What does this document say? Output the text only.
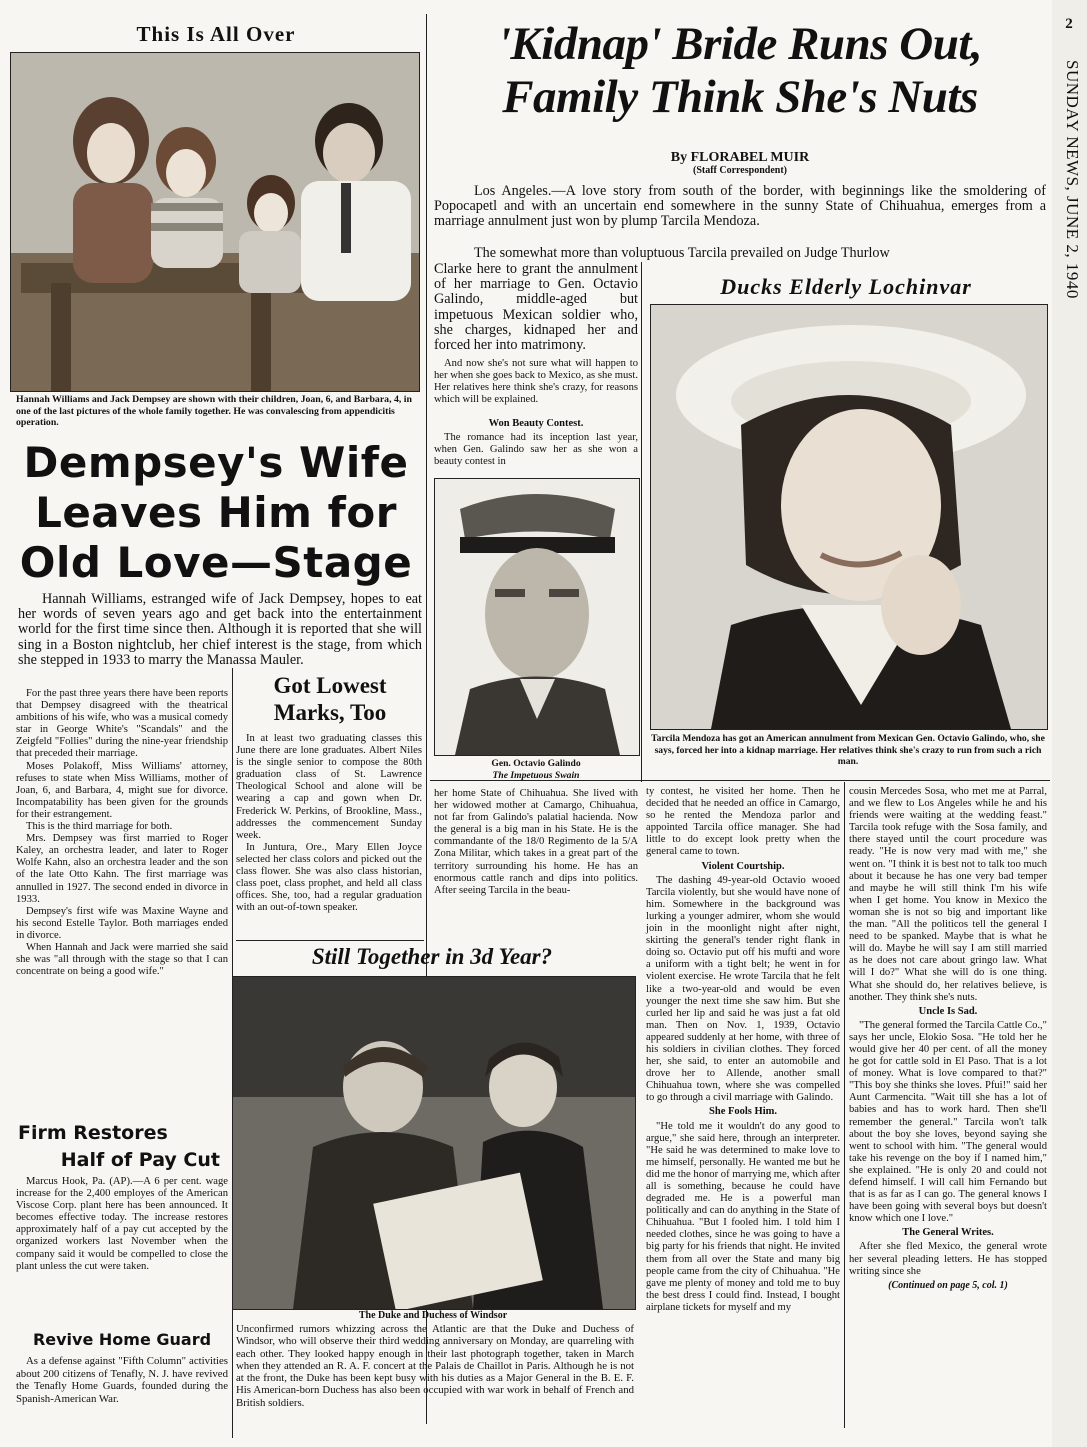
2
SUNDAY NEWS, JUNE 2, 1940
This Is All Over
Hannah Williams and Jack Dempsey are shown with their children, Joan, 6, and Barbara, 4, in one of the last pictures of the whole family together. He was convalescing from appendicitis operation.
Dempsey's Wife
Leaves Him for
Old Love—Stage
Hannah Williams, estranged wife of Jack Dempsey, hopes to eat her words of seven years ago and get back into the entertainment world for the first time since then. Although it is reported that she will sing in a Boston nightclub, her chief interest is the stage, from which she stepped in 1933 to marry the Manassa Mauler.

For the past three years there have been reports that Dempsey disagreed with the theatrical ambitions of his wife, who was a musical comedy star in George White's "Scandals" and the Zeigfeld "Follies" during the nine-year friendship that preceded their marriage.

Moses Polakoff, Miss Williams' attorney, refuses to state when Miss Williams, mother of Joan, 6, and Barbara, 4, might sue for divorce. Incompatability has been given for the grounds for their estrangement.

This is the third marriage for both.

Mrs. Dempsey was first married to Roger Kaley, an orchestra leader, and later to Roger Wolfe Kahn, also an orchestra leader and the son of the late Otto Kahn. The first marriage was annulled in 1927. The second ended in divorce in 1933.

Dempsey's first wife was Maxine Wayne and his second Estelle Taylor. Both marriages ended in divorce.

When Hannah and Jack were married she said she was "all through with the stage so that I can concentrate on being a good wife."

Firm Restores
Half of Pay Cut
Marcus Hook, Pa. (AP).—A 6 per cent. wage increase for the 2,400 employes of the American Viscose Corp. plant here has been announced. It becomes effective today. The increase restores approximately half of a pay cut accepted by the organized workers last November when the company said it would be compelled to close the plant unless the cut were taken.
Revive Home Guard
As a defense against "Fifth Column" activities about 200 citizens of Tenafly, N. J. have revived the Tenafly Home Guards, founded during the Spanish-American War.
Got Lowest
Marks, Too

In at least two graduating classes this June there are lone graduates. Albert Niles is the single senior to compose the 80th graduation class of St. Lawrence Theological School and alone will be wearing a cap and gown when Dr. Frederick W. Perkins, of Brookline, Mass., addresses the commencement Sunday week.

In Juntura, Ore., Mary Ellen Joyce selected her class colors and picked out the class flower. She was also class historian, class poet, class prophet, and held all class offices. She, too, had a regular graduation with an out-of-town speaker.

Still Together in 3d Year?
The Duke and Duchess of Windsor
Unconfirmed rumors whizzing across the Atlantic are that the Duke and Duchess of Windsor, who will observe their third wedding anniversary on Monday, are quarreling with each other. They looked happy enough in their last photograph together, taken in March when they attended an R. A. F. concert at the Palais de Chaillot in Paris. Although he is not at the front, the Duke has been kept busy with his duties as a Major General in the B. E. F. His American-born Duchess has also been occupied with war work in behalf of French and British soldiers.
'Kidnap' Bride Runs Out,
Family Think She's Nuts
By FLORABEL MUIR
(Staff Correspondent)
Los Angeles.—A love story from south of the border, with beginnings like the smoldering of Popocapetl and with an uncertain end somewhere in the sunny State of Chihuahua, emerges from a marriage annulment just won by plump Tarcila Mendoza.
The somewhat more than voluptuous Tarcila prevailed on Judge Thurlow
Clarke here to grant the annulment of her marriage to Gen. Octavio Galindo, middle-aged but impetuous Mexican soldier who, she charges, kidnaped her and forced her into matrimony.
And now she's not sure what will happen to her when she goes back to Mexico, as she must. Her relatives here think she's crazy, for reasons which will be explained.
Won Beauty Contest.
The romance had its inception last year, when Gen. Galindo saw her as she won a beauty contest in
Gen. Octavio Galindo
The Impetuous Swain
her home State of Chihuahua. She lived with her widowed mother at Camargo, Chihuahua, not far from Galindo's palatial hacienda. Now the general is a big man in his State. He is the commandante of the 18/0 Regimento de la 5/A Zona Militar, which takes in a great part of the territory surrounding his home. He has an enormous cattle ranch and dips into politics. After seeing Tarcila in the beau-
Ducks Elderly Lochinvar
Tarcila Mendoza has got an American annulment from Mexican Gen. Octavio Galindo, who, she says, forced her into a kidnap marriage. Her relatives think she's crazy to run from such a rich man.

ty contest, he visited her home. Then he decided that he needed an office in Camargo, so he rented the Mendoza parlor and appointed Tarcila office manager. She had little to do except look pretty when the general came to town.

Violent Courtship.

The dashing 49-year-old Octavio wooed Tarcila violently, but she would have none of him. Somewhere in the background was lurking a younger admirer, whom she would join in the moonlight night after night, skirting the general's tender right flank in doing so. Octavio put off his mufti and wore a uniform with a tight belt; he went in for violent exercise. He wrote Tarcila that he felt like a two-year-old and would be even younger the next time she saw him. But she curled her lip and said he was just a fat old man. Then on Nov. 1, 1939, Octavio appeared suddenly at her home, with three of his soldiers in civilian clothes. They forced her, she said, to enter an automobile and drove her to Allende, another small Chihuahua town, where she was compelled to go through a civil marriage with Galindo.

She Fools Him.

"He told me it wouldn't do any good to argue," she said here, through an interpreter. "He said he was determined to make love to me himself, personally. He wanted me but he did me the honor of marrying me, which after all is something, because he could have degraded me. He is a powerful man politically and can do anything in the State of Chihuahua. "But I fooled him. I told him I needed clothes, since he was going to have a big party for his friends that night. He invited them from all over the State and many big people came from the city of Chihuahua. "He gave me plenty of money and told me to buy the best dress I could find. Instead, I bought airplane tickets for myself and my

cousin Mercedes Sosa, who met me at Parral, and we flew to Los Angeles while he and his friends were waiting at the wedding feast." Tarcila took refuge with the Sosa family, and there stayed until the court procedure was ready. "He is now very mad with me," she went on. "I think it is best not to talk too much about it because he has one very bad temper and maybe he will still think I'm his wife when I get home. You know in Mexico the woman she is not so big and important like the man. "All the politicos tell the general I need to be spanked. Maybe that is what he will do. Maybe he will say I am still married as he does not care about gringo law. What will I do?" What she will do is one thing. What she should do, her relatives believe, is another. They think she's nuts.

Uncle Is Sad.

"The general formed the Tarcila Cattle Co.," says her uncle, Elokio Sosa. "He told her he would give her 40 per cent. of all the money he got for cattle sold in El Paso. That is a lot of money. What is love compared to that?" "This boy she thinks she loves. Pfui!" said her Aunt Carmencita. "Wait till she has a lot of babies and has to work hard. Then she'll remember the general." Tarcila won't talk about the boy she loves, beyond saying she went to school with him. "The general would take his revenge on the boy if I named him," she explained. "He is only 20 and could not defend himself. I will call him Fernando but that is as far as I can go. The general knows I have been going with several boys but doesn't know which one I love."

The General Writes.

After she fled Mexico, the general wrote her several pleading letters. He has stopped writing since she

(Continued on page 5, col. 1)
